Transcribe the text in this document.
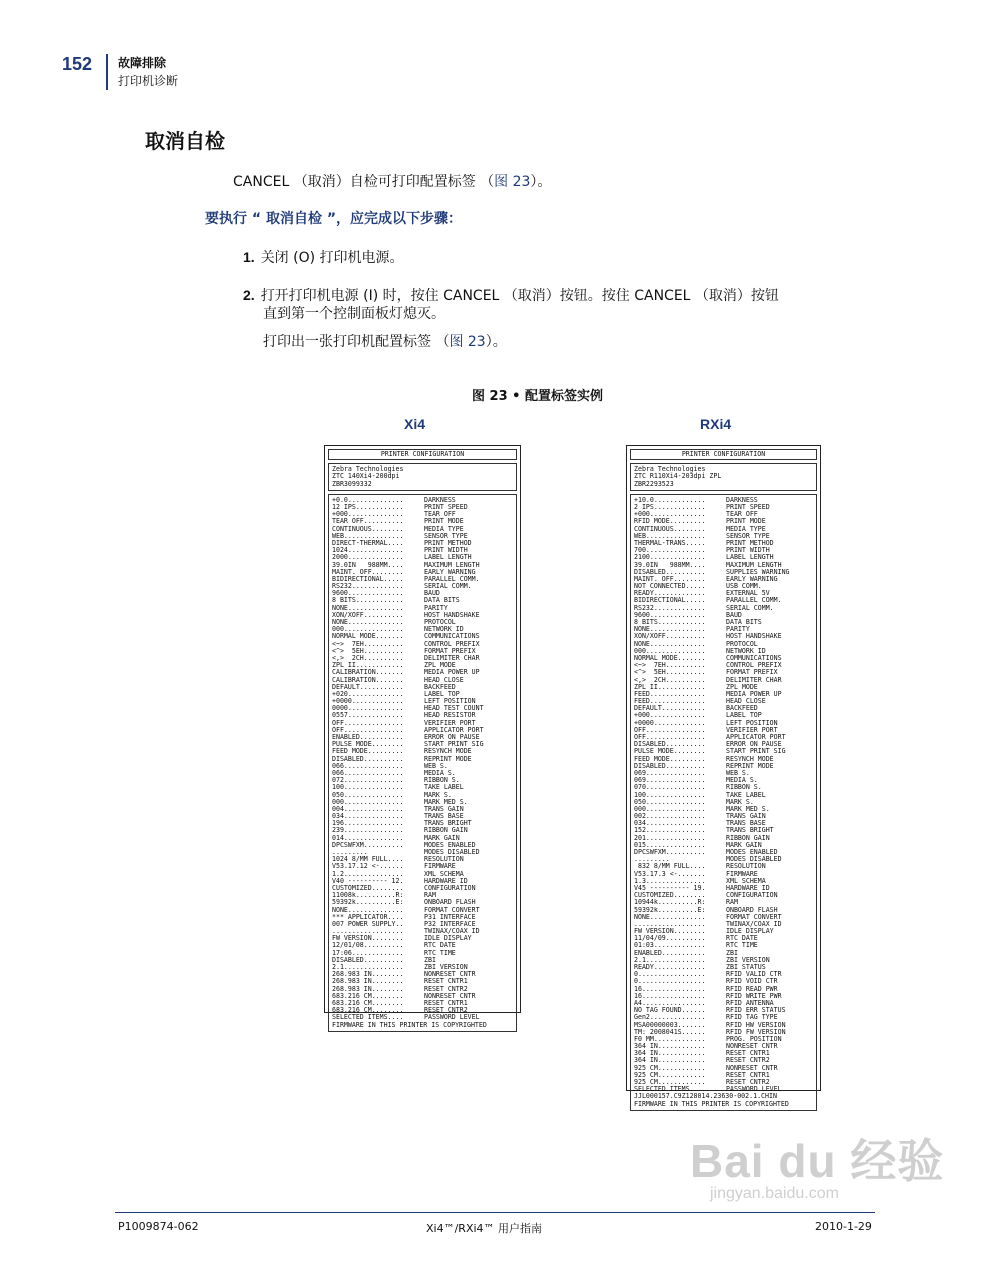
152 故障排除
打印机诊断
取消自检
CANCEL （取消）自检可打印配置标签 （图 23）。
要执行 “ 取消自检 ”，应完成以下步骤：
1. 关闭 (O) 打印机电源。
2. 打开打印机电源 (I) 时，按住 CANCEL （取消）按钮。按住 CANCEL （取消）按钮
直到第一个控制面板灯熄灭。
打印出一张打印机配置标签 （图 23）。
图 23 • 配置标签实例
Xi4	RXi4
PRINTER CONFIGURATION
Zebra Technologies
ZTC 140Xi4-200dpi
ZBR3099332
+0.0..............	DARKNESS
12 IPS............	PRINT SPEED
+000..............	TEAR OFF
TEAR OFF..........	PRINT MODE
CONTINUOUS........	MEDIA TYPE
WEB...............	SENSOR TYPE
DIRECT-THERMAL....	PRINT METHOD
1024..............	PRINT WIDTH
2000..............	LABEL LENGTH
39.0IN   988MM....	MAXIMUM LENGTH
MAINT. OFF........	EARLY WARNING
BIDIRECTIONAL.....	PARALLEL COMM.
RS232.............	SERIAL COMM.
9600..............	BAUD
8 BITS............	DATA BITS
NONE..............	PARITY
XON/XOFF..........	HOST HANDSHAKE
NONE..............	PROTOCOL
000...............	NETWORK ID
NORMAL MODE.......	COMMUNICATIONS
<~>  7EH..........	CONTROL PREFIX
<^>  5EH..........	FORMAT PREFIX
<,>  2CH..........	DELIMITER CHAR
ZPL II............	ZPL MODE
CALIBRATION.......	MEDIA POWER UP
CALIBRATION.......	HEAD CLOSE
DEFAULT...........	BACKFEED
+020..............	LABEL TOP
+0000.............	LEFT POSITION
0000..............	HEAD TEST COUNT
0557..............	HEAD RESISTOR
OFF...............	VERIFIER PORT
OFF...............	APPLICATOR PORT
ENABLED...........	ERROR ON PAUSE
PULSE MODE........	START PRINT SIG
FEED MODE.........	RESYNCH MODE
DISABLED..........	REPRINT MODE
066...............	WEB S.
066...............	MEDIA S.
072...............	RIBBON S.
100...............	TAKE LABEL
050...............	MARK S.
000...............	MARK MED S.
004...............	TRANS GAIN
034...............	TRANS BASE
196...............	TRANS BRIGHT
239...............	RIBBON GAIN
014...............	MARK GAIN
DPCSWFXM..........	MODES ENABLED
.........	MODES DISABLED
1024 8/MM FULL....	RESOLUTION
V53.17.12 <-......	FIRMWARE
1.2...............	XML SCHEMA
V40 ---------- 12.	HARDWARE ID
CUSTOMIZED........	CONFIGURATION
11008k..........R:	RAM
59392k..........E:	ONBOARD FLASH
NONE..............	FORMAT CONVERT
*** APPLICATOR....	P31 INTERFACE
007 POWER SUPPLY..	P32 INTERFACE
..................	TWINAX/COAX ID
FW VERSION........	IDLE DISPLAY
12/01/08..........	RTC DATE
17:06.............	RTC TIME
DISABLED..........	ZBI
2.1...............	ZBI VERSION
268.983 IN........	NONRESET CNTR
268.983 IN........	RESET CNTR1
268.983 IN........	RESET CNTR2
683.216 CM........	NONRESET CNTR
683.216 CM........	RESET CNTR1
683.216 CM........	RESET CNTR2
SELECTED ITEMS....	PASSWORD LEVEL
FIRMWARE IN THIS PRINTER IS COPYRIGHTED
PRINTER CONFIGURATION
Zebra Technologies
ZTC R110Xi4-203dpi ZPL
ZBR2293523
+10.0.............	DARKNESS
2 IPS.............	PRINT SPEED
+000..............	TEAR OFF
RFID MODE.........	PRINT MODE
CONTINUOUS........	MEDIA TYPE
WEB...............	SENSOR TYPE
THERMAL-TRANS.....	PRINT METHOD
700...............	PRINT WIDTH
2100..............	LABEL LENGTH
39.0IN   988MM....	MAXIMUM LENGTH
DISABLED..........	SUPPLIES WARNING
MAINT. OFF........	EARLY WARNING
NOT CONNECTED.....	USB COMM.
READY.............	EXTERNAL 5V
BIDIRECTIONAL.....	PARALLEL COMM.
RS232.............	SERIAL COMM.
9600..............	BAUD
8 BITS............	DATA BITS
NONE..............	PARITY
XON/XOFF..........	HOST HANDSHAKE
NONE..............	PROTOCOL
000...............	NETWORK ID
NORMAL MODE.......	COMMUNICATIONS
<~>  7EH..........	CONTROL PREFIX
<^>  5EH..........	FORMAT PREFIX
<,>  2CH..........	DELIMITER CHAR
ZPL II............	ZPL MODE
FEED..............	MEDIA POWER UP
FEED..............	HEAD CLOSE
DEFAULT...........	BACKFEED
+000..............	LABEL TOP
+0000.............	LEFT POSITION
OFF...............	VERIFIER PORT
OFF...............	APPLICATOR PORT
DISABLED..........	ERROR ON PAUSE
PULSE MODE........	START PRINT SIG
FEED MODE.........	RESYNCH MODE
DISABLED..........	REPRINT MODE
069...............	WEB S.
069...............	MEDIA S.
070...............	RIBBON S.
100...............	TAKE LABEL
050...............	MARK S.
000...............	MARK MED S.
002...............	TRANS GAIN
034...............	TRANS BASE
152...............	TRANS BRIGHT
201...............	RIBBON GAIN
015...............	MARK GAIN
DPCSWFXM..........	MODES ENABLED
.........	MODES DISABLED
832 8/MM FULL....	RESOLUTION
V53.17.3 <-.......	FIRMWARE
1.3...............	XML SCHEMA
V45 ---------- 19.	HARDWARE ID
CUSTOMIZED........	CONFIGURATION
10944k..........R:	RAM
59392k..........E:	ONBOARD FLASH
NONE..............	FORMAT CONVERT
..................	TWINAX/COAX ID
FW VERSION........	IDLE DISPLAY
11/04/09..........	RTC DATE
01:03.............	RTC TIME
ENABLED...........	ZBI
2.1...............	ZBI VERSION
READY.............	ZBI STATUS
0.................	RFID VALID CTR
0.................	RFID VOID CTR
16................	RFID READ PWR
16................	RFID WRITE PWR
A4................	RFID ANTENNA
NO TAG FOUND......	RFID ERR STATUS
Gen2..............	RFID TAG TYPE
MSA00000003.......	RFID HW VERSION
TM: 2008041S......	RFID FW VERSION
F0 MM.............	PROG. POSITION
364 IN............	NONRESET CNTR
364 IN............	RESET CNTR1
364 IN............	RESET CNTR2
925 CM............	NONRESET CNTR
925 CM............	RESET CNTR1
925 CM............	RESET CNTR2
SELECTED ITEMS....	PASSWORD LEVEL
JJL000157.C9Z128014.23630-002.1.CHIN
FIRMWARE IN THIS PRINTER IS COPYRIGHTED
Bai du 经验
jingyan.baidu.com
P1009874-062	Xi4™/RXi4™ 用户指南	2010-1-29
